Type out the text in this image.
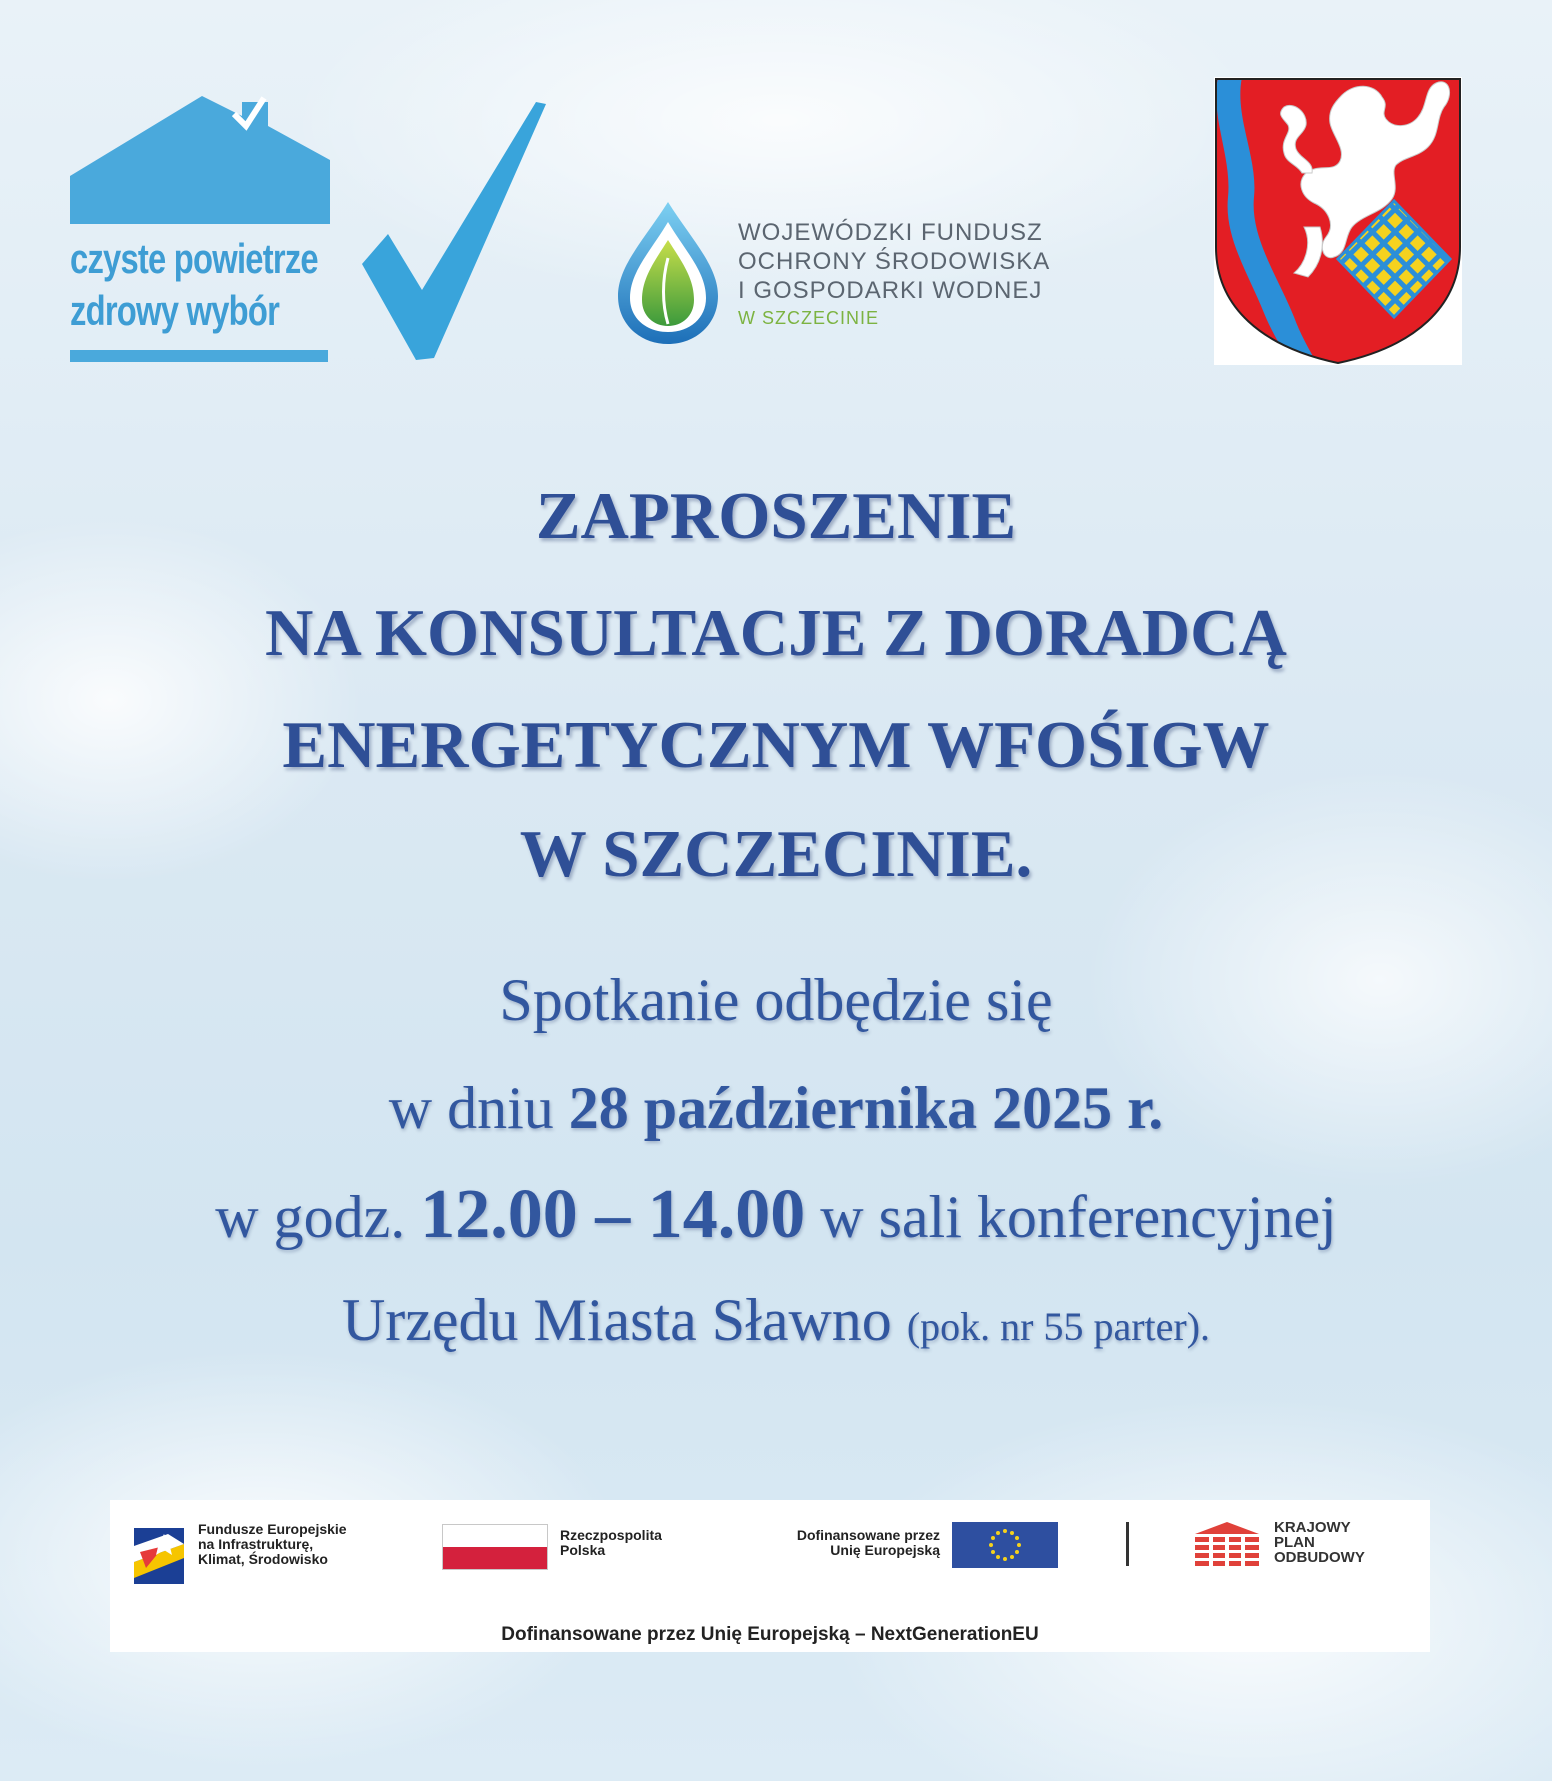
czyste powietrze
zdrowy wybór
WOJEWÓDZKI FUNDUSZ
OCHRONY ŚRODOWISKA
I GOSPODARKI WODNEJ
W SZCZECINIE
ZAPROSZENIE
NA KONSULTACJE Z DORADCĄ
ENERGETYCZNYM WFOŚIGW
W SZCZECINIE.
Spotkanie odbędzie się
w dniu 28 października 2025 r.
w godz. 12.00 – 14.00 w sali konferencyjnej
Urzędu Miasta Sławno (pok. nr 55 parter).
Fundusze Europejskie
na Infrastrukturę,
Klimat, Środowisko
Rzeczpospolita
Polska
Dofinansowane przez
Unię Europejską
KRAJOWY
PLAN
ODBUDOWY
Dofinansowane przez Unię Europejską – NextGenerationEU
